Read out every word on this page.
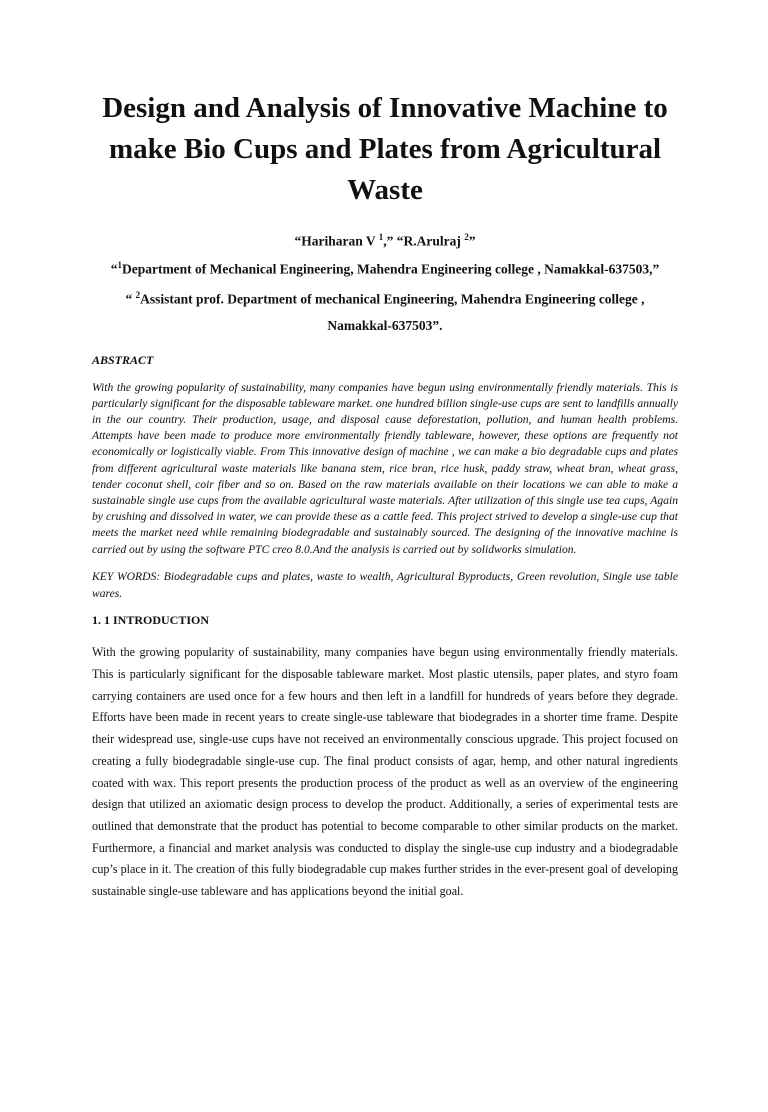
Design and Analysis of Innovative Machine to make Bio Cups and Plates from Agricultural Waste
“Hariharan V $^1$,” “R.Arulraj $^2$”
“$^1$Department of Mechanical Engineering, Mahendra Engineering college , Namakkal-637503,”
“ $^2$Assistant prof. Department of mechanical Engineering, Mahendra Engineering college , Namakkal-637503”.
ABSTRACT

With the growing popularity of sustainability, many companies have begun using environmentally friendly materials. This is particularly significant for the disposable tableware market. one hundred billion single-use cups are sent to landfills annually in the our country. Their production, usage, and disposal cause deforestation, pollution, and human health problems. Attempts have been made to produce more environmentally friendly tableware, however, these options are frequently not economically or logistically viable. From This innovative design of machine , we can make a bio degradable cups and plates from different agricultural waste materials like banana stem, rice bran, rice husk, paddy straw, wheat bran, wheat grass, tender coconut shell, coir fiber and so on. Based on the raw materials available on their locations we can able to make a sustainable single use cups from the available agricultural waste materials. After utilization of this single use tea cups, Again by crushing and dissolved in water, we can provide these as a cattle feed. This project strived to develop a single-use cup that meets the market need while remaining biodegradable and sustainably sourced. The designing of the innovative machine is carried out by using the software PTC creo 8.0.And the analysis is carried out by solidworks simulation.

KEY WORDS: Biodegradable cups and plates, waste to wealth, Agricultural Byproducts, Green revolution, Single use table wares.

1. 1 INTRODUCTION

With the growing popularity of sustainability, many companies have begun using environmentally friendly materials. This is particularly significant for the disposable tableware market. Most plastic utensils, paper plates, and styro foam carrying containers are used once for a few hours and then left in a landfill for hundreds of years before they degrade. Efforts have been made in recent years to create single-use tableware that biodegrades in a shorter time frame. Despite their widespread use, single-use cups have not received an environmentally conscious upgrade. This project focused on creating a fully biodegradable single-use cup. The final product consists of agar, hemp, and other natural ingredients coated with wax. This report presents the production process of the product as well as an overview of the engineering design that utilized an axiomatic design process to develop the product. Additionally, a series of experimental tests are outlined that demonstrate that the product has potential to become comparable to other similar products on the market. Furthermore, a financial and market analysis was conducted to display the single-use cup industry and a biodegradable cup’s place in it. The creation of this fully biodegradable cup makes further strides in the ever-present goal of developing sustainable single-use tableware and has applications beyond the initial goal.
